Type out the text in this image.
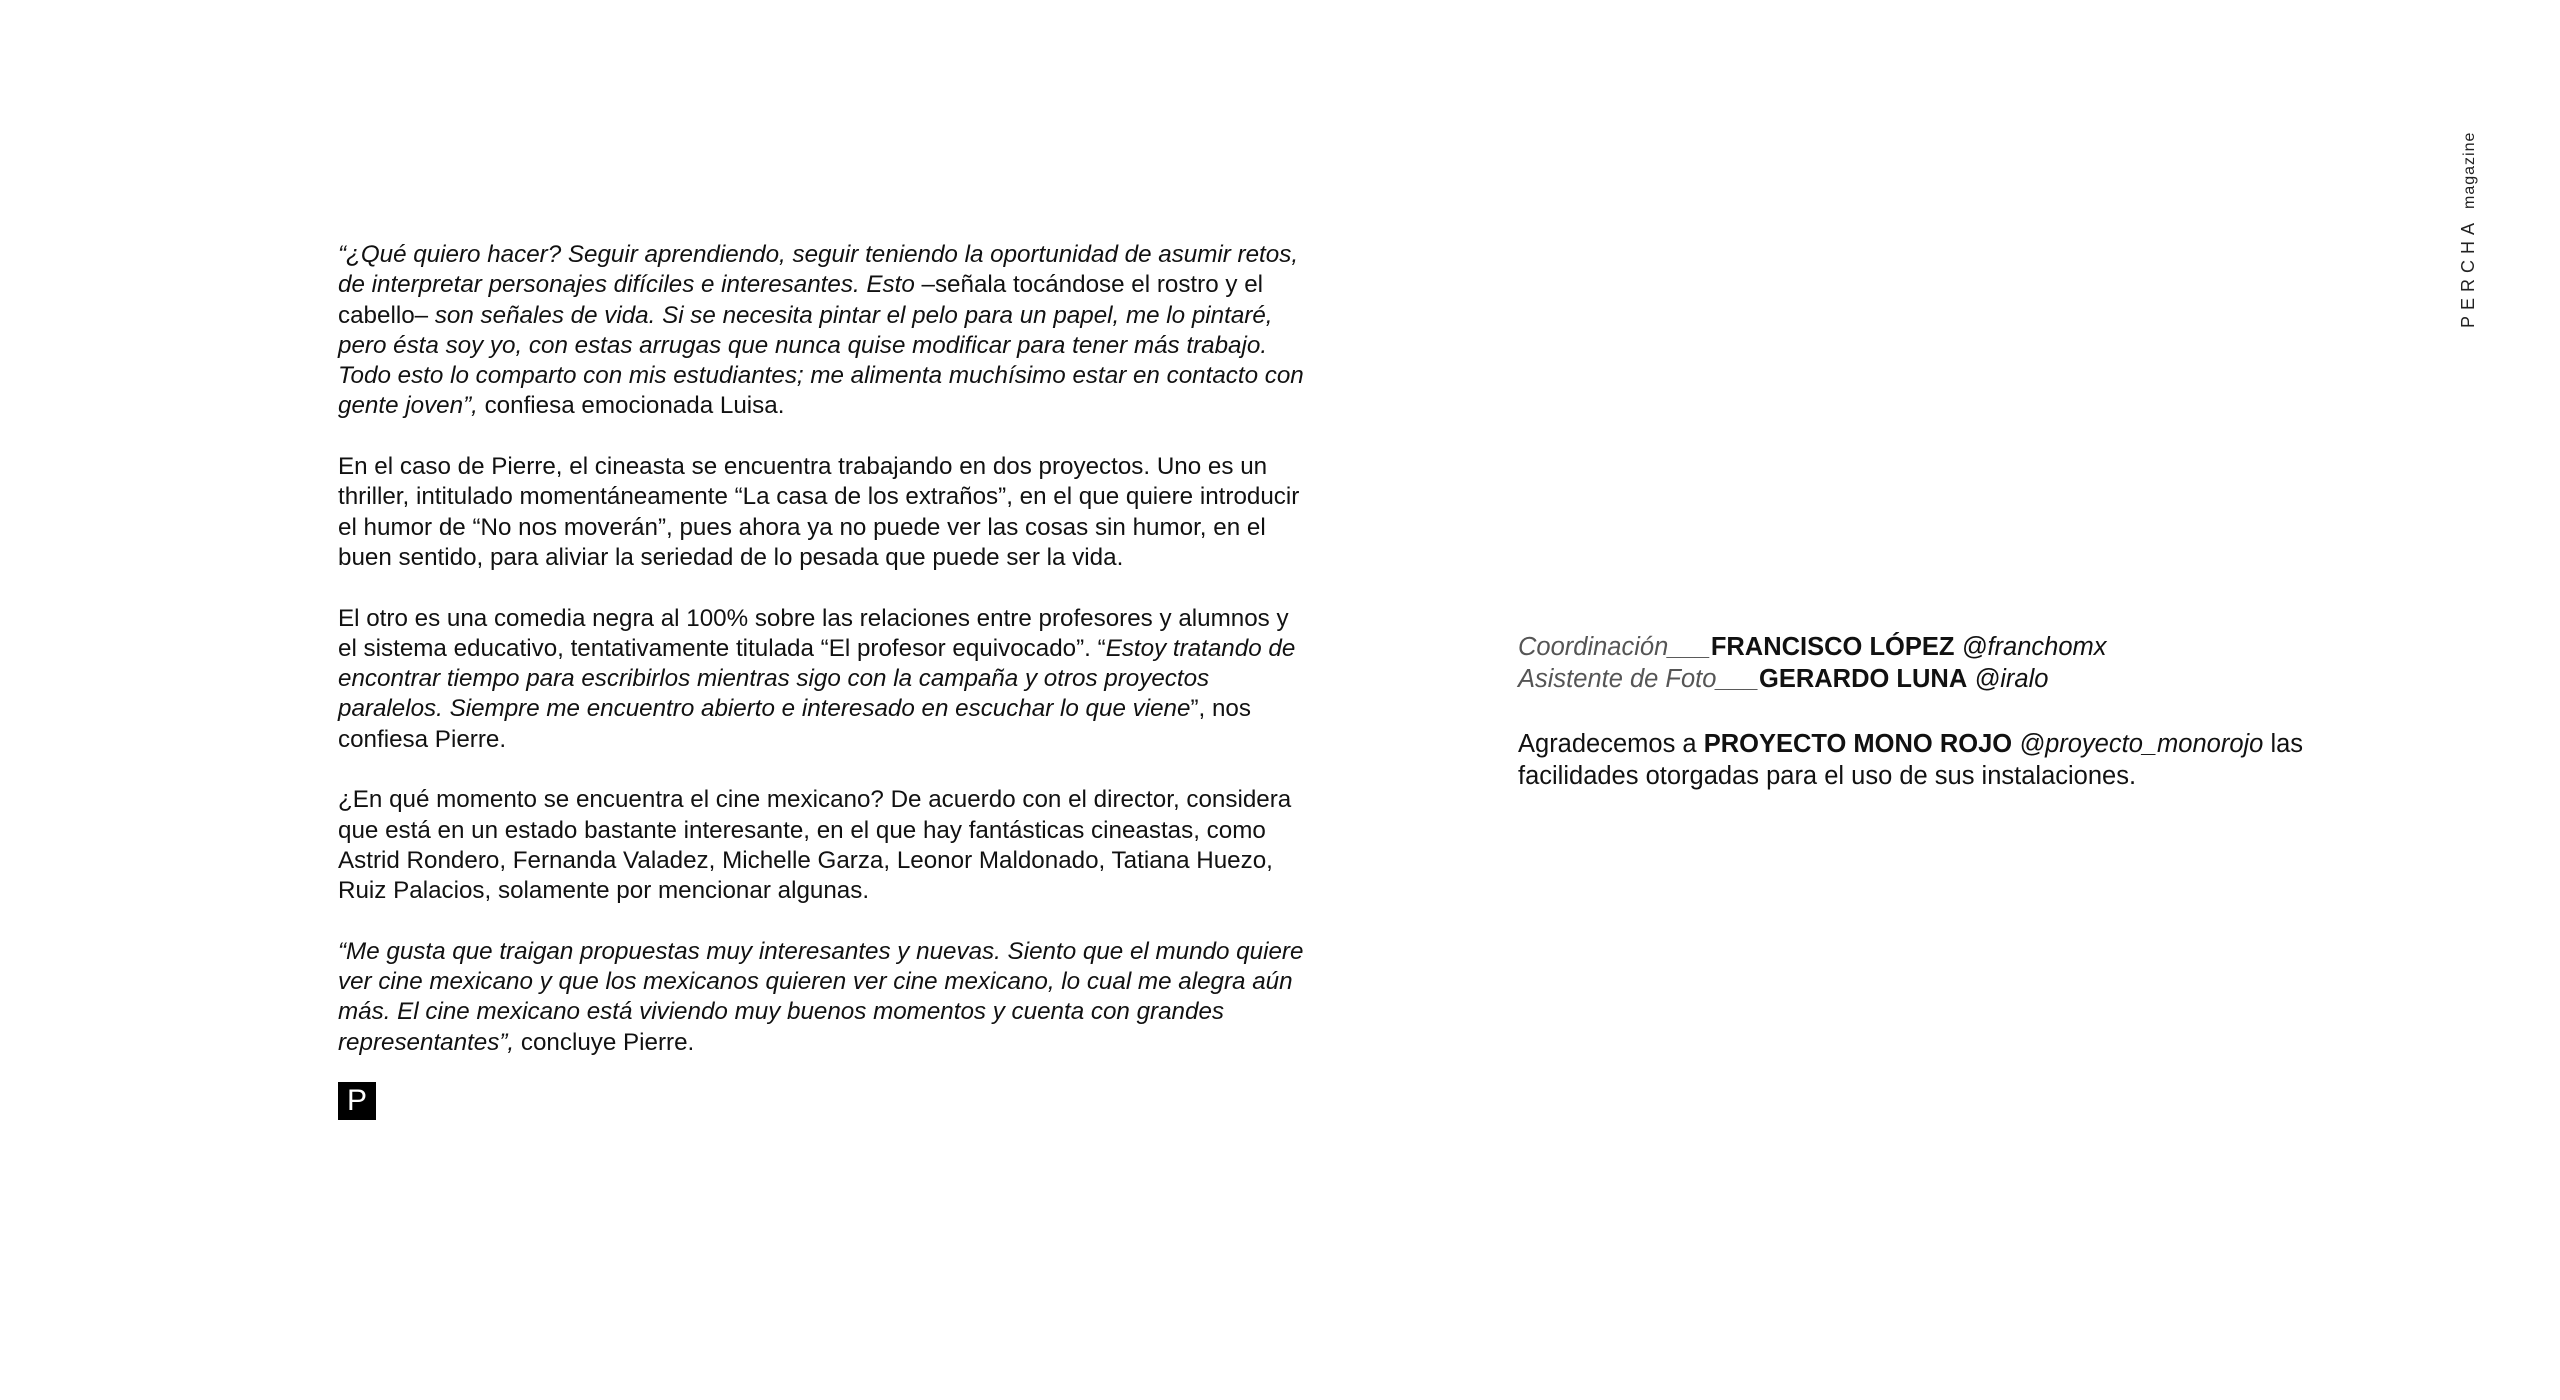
PERCHAmagazine

“¿Qué quiero hacer? Seguir aprendiendo, seguir teniendo la oportunidad de asumir retos, de interpretar personajes difíciles e interesantes. Esto –señala tocándose el rostro y el cabello– son señales de vida. Si se necesita pintar el pelo para un papel, me lo pintaré, pero ésta soy yo, con estas arrugas que nunca quise modificar para tener más trabajo. Todo esto lo comparto con mis estudiantes; me alimenta muchísimo estar en contacto con gente joven”, confiesa emocionada Luisa.

En el caso de Pierre, el cineasta se encuentra trabajando en dos proyectos. Uno es un thriller, intitulado momentáneamente “La casa de los extraños”, en el que quiere introducir el humor de “No nos moverán”, pues ahora ya no puede ver las cosas sin humor, en el buen sentido, para aliviar la seriedad de lo pesada que puede ser la vida.

El otro es una comedia negra al 100% sobre las relaciones entre profesores y alumnos y el sistema educativo, tentativamente titulada “El profesor equivocado”. “Estoy tratando de encontrar tiempo para escribirlos mientras sigo con la campaña y otros proyectos paralelos. Siempre me encuentro abierto e interesado en escuchar lo que viene”, nos confiesa Pierre.

¿En qué momento se encuentra el cine mexicano? De acuerdo con el director, considera que está en un estado bastante interesante, en el que hay fantásticas cineastas, como Astrid Rondero, Fernanda Valadez, Michelle Garza, Leonor Maldonado, Tatiana Huezo, Ruiz Palacios, solamente por mencionar algunas.

“Me gusta que traigan propuestas muy interesantes y nuevas. Siento que el mundo quiere ver cine mexicano y que los mexicanos quieren ver cine mexicano, lo cual me alegra aún más. El cine mexicano está viviendo muy buenos momentos y cuenta con grandes representantes”, concluye Pierre.

P

Coordinación___FRANCISCO LÓPEZ @franchomx

Asistente de Foto___GERARDO LUNA @iralo

Agradecemos a PROYECTO MONO ROJO @proyecto_monorojo las facilidades otorgadas para el uso de sus instalaciones.
